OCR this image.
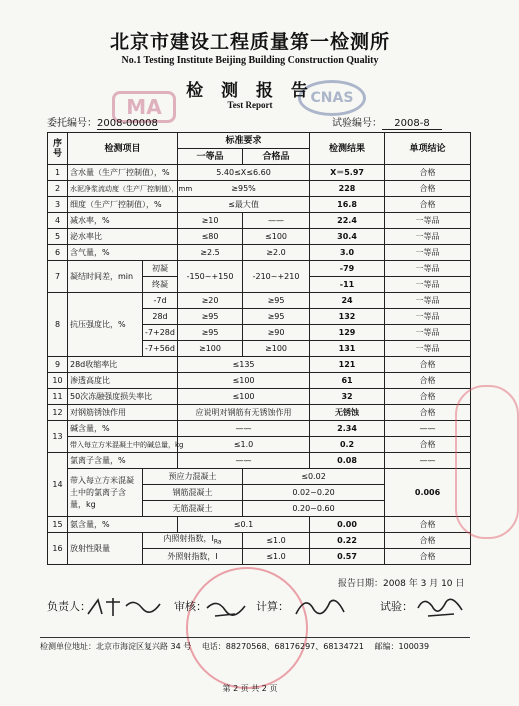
北京市建设工程质量第一检测所
No.1 Testing Institute Beijing Building Construction Quality
MA	CNAS
检 测 报 告
Test Report
委托编号：2008-00008	试验编号： 2008-8
序号	检测项目		标准要求		检测结果	单项结论	
			一等品	合格品			
1	含水量（生产厂控制值），%		5.40≤X≤6.60		X＝5.97	合格	
2	水泥净浆流动度（生产厂控制值），mm		≥95%		228	合格	
3	细度（生产厂控制值），%		≤最大值		16.8	合格	
4	减水率，%		≥10	——	22.4	一等品	
5	泌水率比		≤80	≤100	30.4	一等品	
6	含气量，%		≥2.5	≥2.0	3.0	一等品	
7	凝结时间差，min	初凝	-150~+150	-210~+210	-79	一等品	
		终凝			-11	一等品	
8	抗压强度比，%	-7d	≥20	≥95	24	一等品	
		28d	≥95	≥95	132	一等品	
		-7+28d	≥95	≥90	129	一等品	
		-7+56d	≥100	≥100	131	一等品	
9	28d收缩率比		≤135		121	合格	
10	渗透高度比		≤100		61	合格	
11	50次冻融强度损失率比		≤100		32	合格	
12	对钢筋锈蚀作用		应说明对钢筋有无锈蚀作用		无锈蚀	合格	
13	碱含量，%		——		2.34	——	
	带入每立方米混凝土中的碱总量，kg		≤1.0		0.2	合格	
14	氯离子含量，%		——		0.08	——	
	带入每立方米混凝土中的氯离子含量，kg	预应力混凝土		≤0.02		0.006	
		钢筋混凝土		0.02~0.20			
		无筋混凝土		0.20~0.60			
15	氨含量，%		≤0.1		0.00	合格	
16	放射性限量	内照射指数，$I_{Ra}$		≤1.0	0.22	合格	
		外照射指数，I		≤1.0	0.57	合格	
报告日期：2008 年 3 月 10 日
负责人：	审核：	计算：	试验：
检测单位地址：北京市海淀区复兴路 34 号 电话：88270568、68176297、68134721 邮编：100039
第 2 页 共 2 页
